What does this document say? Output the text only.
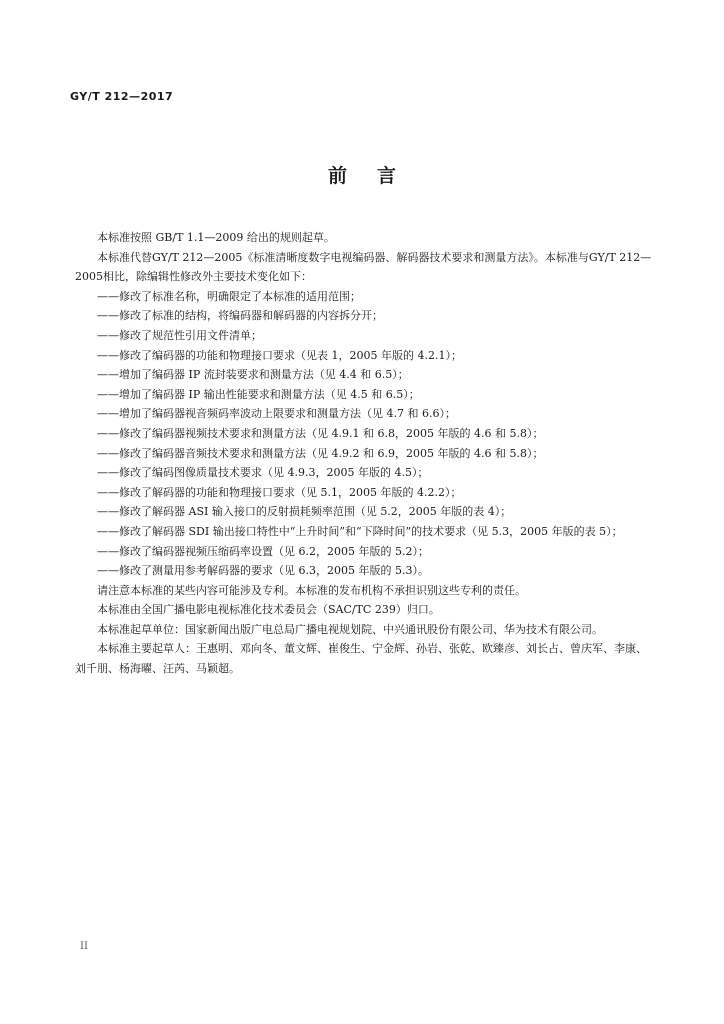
GY/T 212—2017
前言

本标准按照 GB/T 1.1—2009 给出的规则起草。

本标准代替GY/T 212—2005《标准清晰度数字电视编码器、解码器技术要求和测量方法》。本标准与GY/T 212—2005相比，除编辑性修改外主要技术变化如下：

——修改了标准名称，明确限定了本标准的适用范围；

——修改了标准的结构，将编码器和解码器的内容拆分开；

——修改了规范性引用文件清单；

——修改了编码器的功能和物理接口要求（见表 1，2005 年版的 4.2.1）；

——增加了编码器 IP 流封装要求和测量方法（见 4.4 和 6.5）；

——增加了编码器 IP 输出性能要求和测量方法（见 4.5 和 6.5）；

——增加了编码器视音频码率波动上限要求和测量方法（见 4.7 和 6.6）；

——修改了编码器视频技术要求和测量方法（见 4.9.1 和 6.8，2005 年版的 4.6 和 5.8）；

——修改了编码器音频技术要求和测量方法（见 4.9.2 和 6.9，2005 年版的 4.6 和 5.8）；

——修改了编码图像质量技术要求（见 4.9.3，2005 年版的 4.5）；

——修改了解码器的功能和物理接口要求（见 5.1，2005 年版的 4.2.2）；

——修改了解码器 ASI 输入接口的反射损耗频率范围（见 5.2，2005 年版的表 4）；

——修改了解码器 SDI 输出接口特性中“上升时间”和“下降时间”的技术要求（见 5.3，2005 年版的表 5）；

——修改了编码器视频压缩码率设置（见 6.2，2005 年版的 5.2）；

——修改了测量用参考解码器的要求（见 6.3，2005 年版的 5.3）。

请注意本标准的某些内容可能涉及专利。本标准的发布机构不承担识别这些专利的责任。

本标准由全国广播电影电视标准化技术委员会（SAC/TC 239）归口。

本标准起草单位：国家新闻出版广电总局广播电视规划院、中兴通讯股份有限公司、华为技术有限公司。

本标准主要起草人：王惠明、邓向冬、董文辉、崔俊生、宁金辉、孙岩、张乾、欧臻彦、刘长占、曾庆军、李康、刘千朋、杨海曜、汪芮、马颖超。

II
